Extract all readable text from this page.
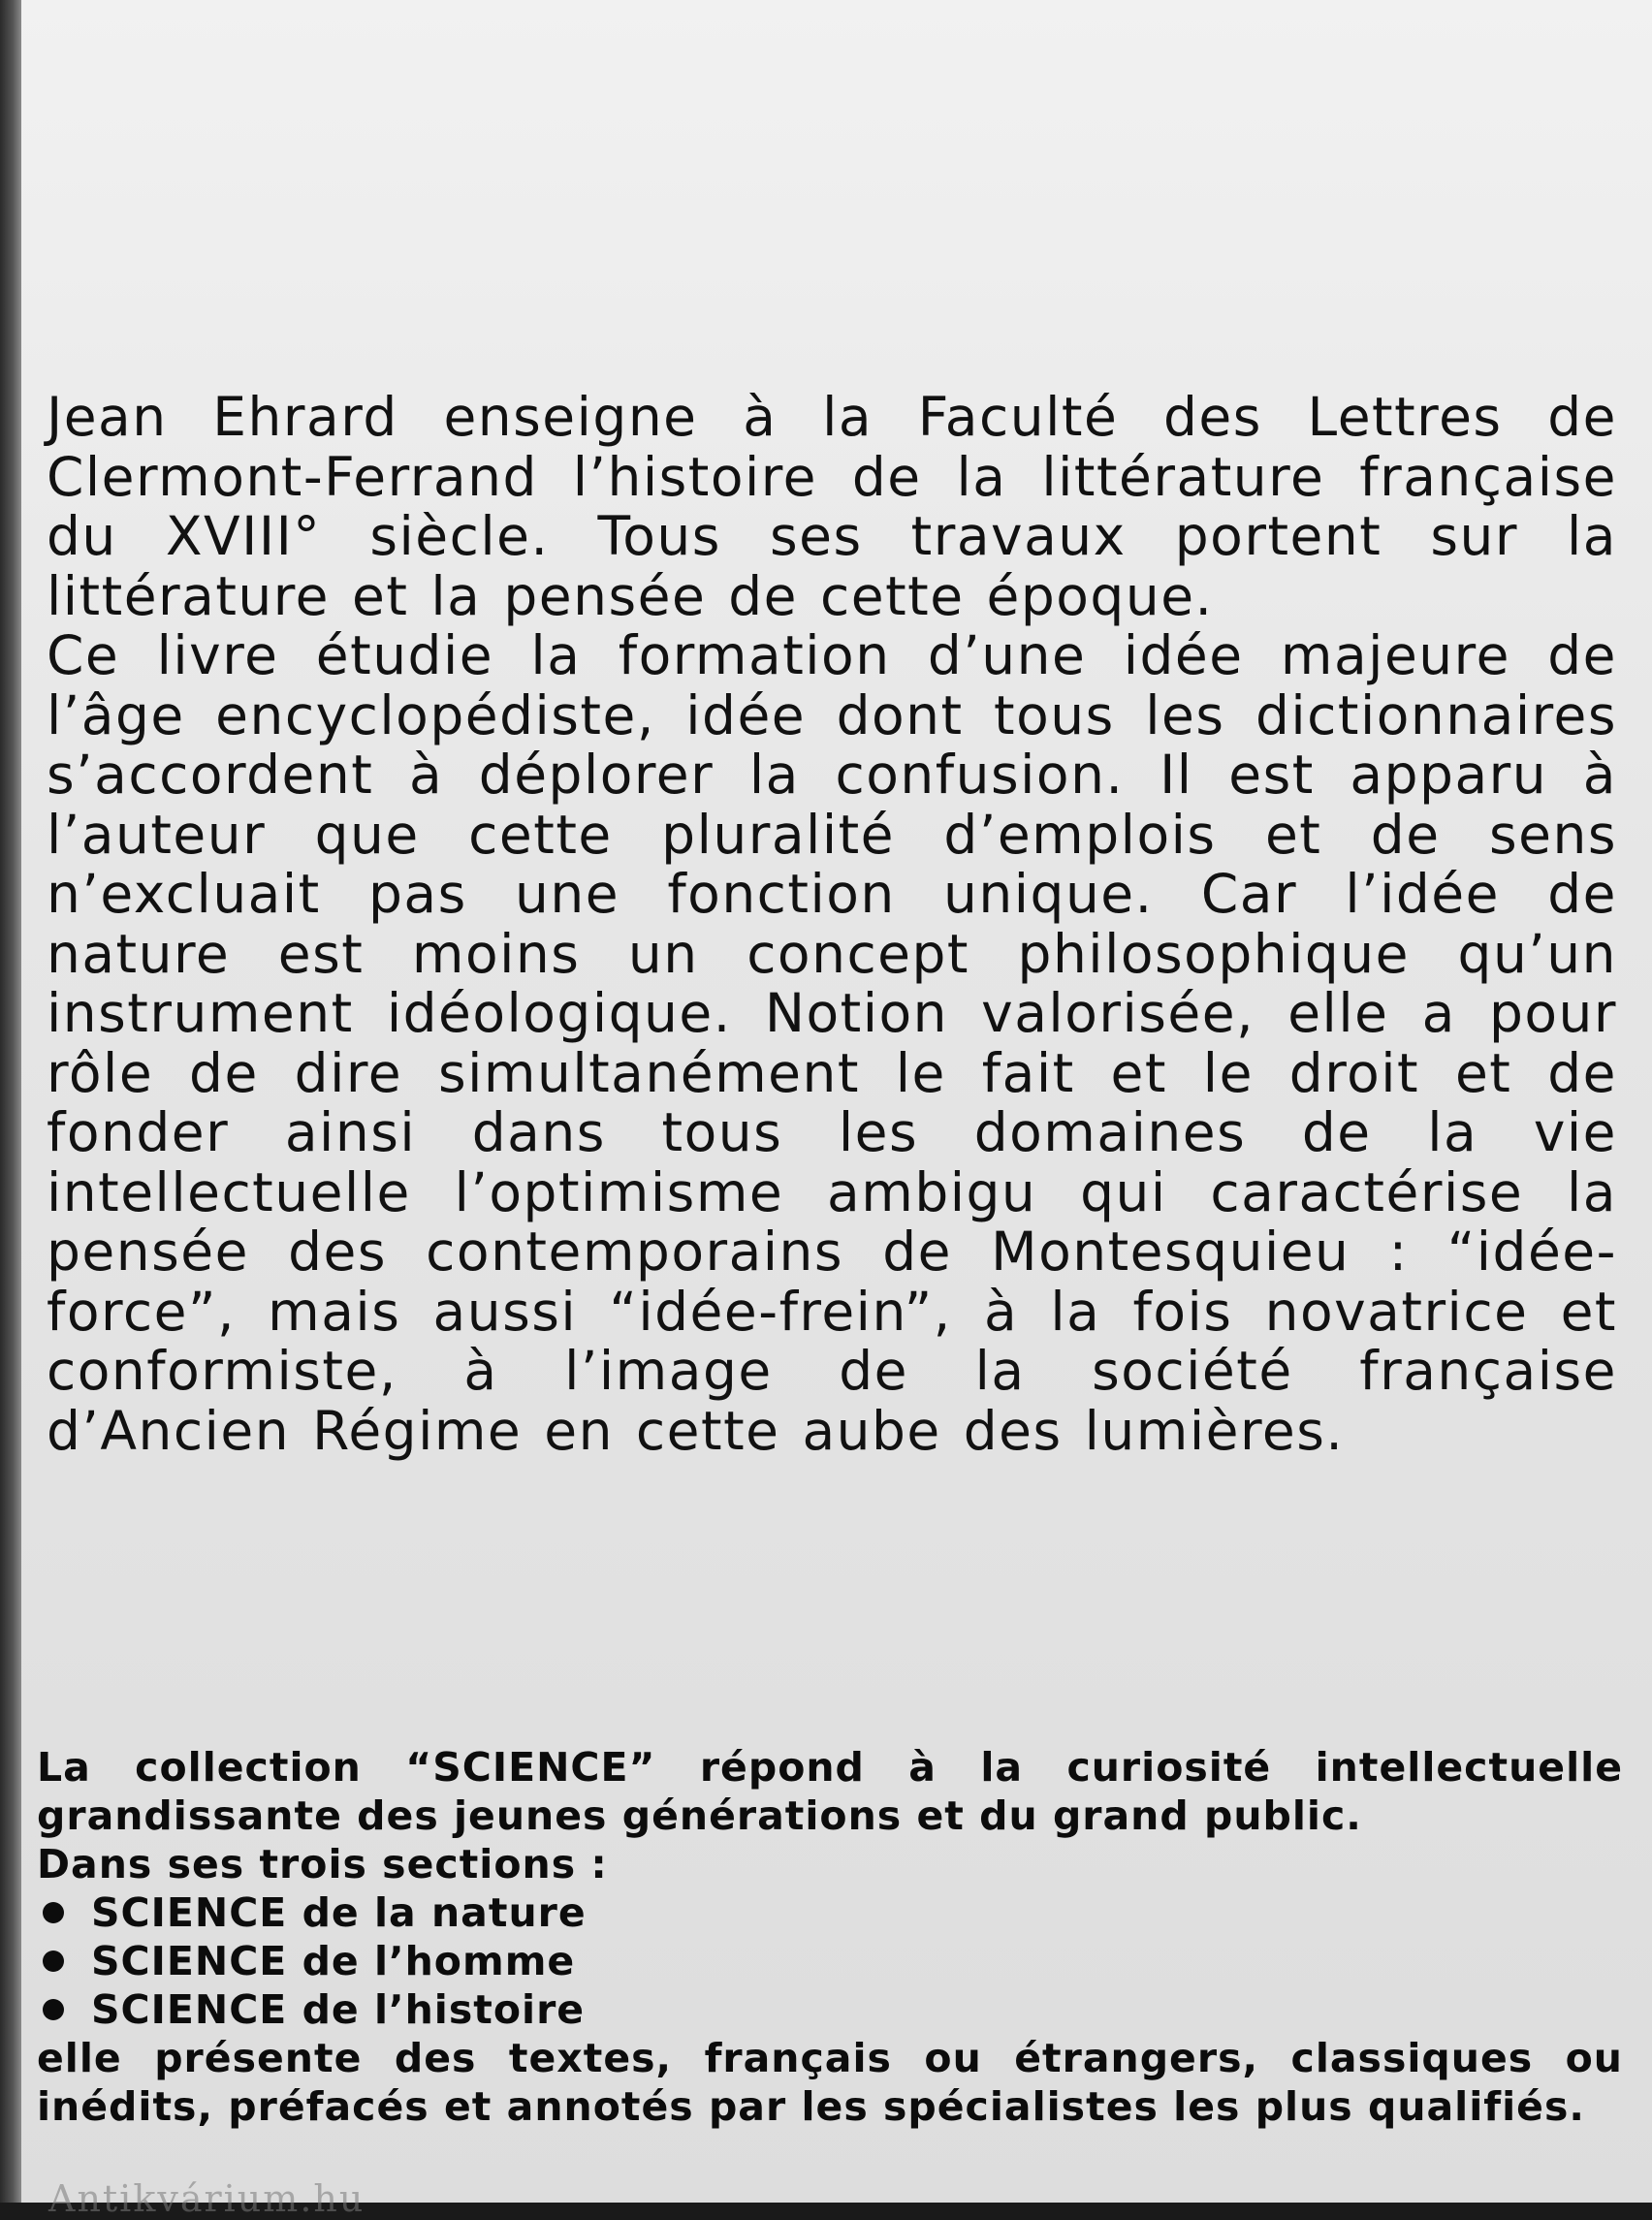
Jean Ehrard enseigne à la Faculté des Lettres de Clermont-Ferrand l’histoire de la littérature française du XVIII° siècle. Tous ses travaux portent sur la littérature et la pensée de cette époque.

Ce livre étudie la formation d’une idée majeure de l’âge encyclopédiste, idée dont tous les dictionnaires s’accordent à déplorer la confusion. Il est apparu à l’auteur que cette pluralité d’emplois et de sens n’excluait pas une fonction unique. Car l’idée de nature est moins un concept philosophique qu’un instrument idéologique. Notion valorisée, elle a pour rôle de dire simultanément le fait et le droit et de fonder ainsi dans tous les domaines de la vie intellectuelle l’optimisme ambigu qui caractérise la pensée des contemporains de Montesquieu : “idée-force”, mais aussi “idée-frein”, à la fois novatrice et conformiste, à l’image de la société française d’Ancien Régime en cette aube des lumières.

La collection “SCIENCE” répond à la curiosité intellectuelle grandissante des jeunes générations et du grand public.

Dans ses trois sections :
SCIENCE de la nature
SCIENCE de l’homme
SCIENCE de l’histoire

elle présente des textes, français ou étrangers, classiques ou inédits, préfacés et annotés par les spécialistes les plus qualifiés.

Antikvárium.hu
